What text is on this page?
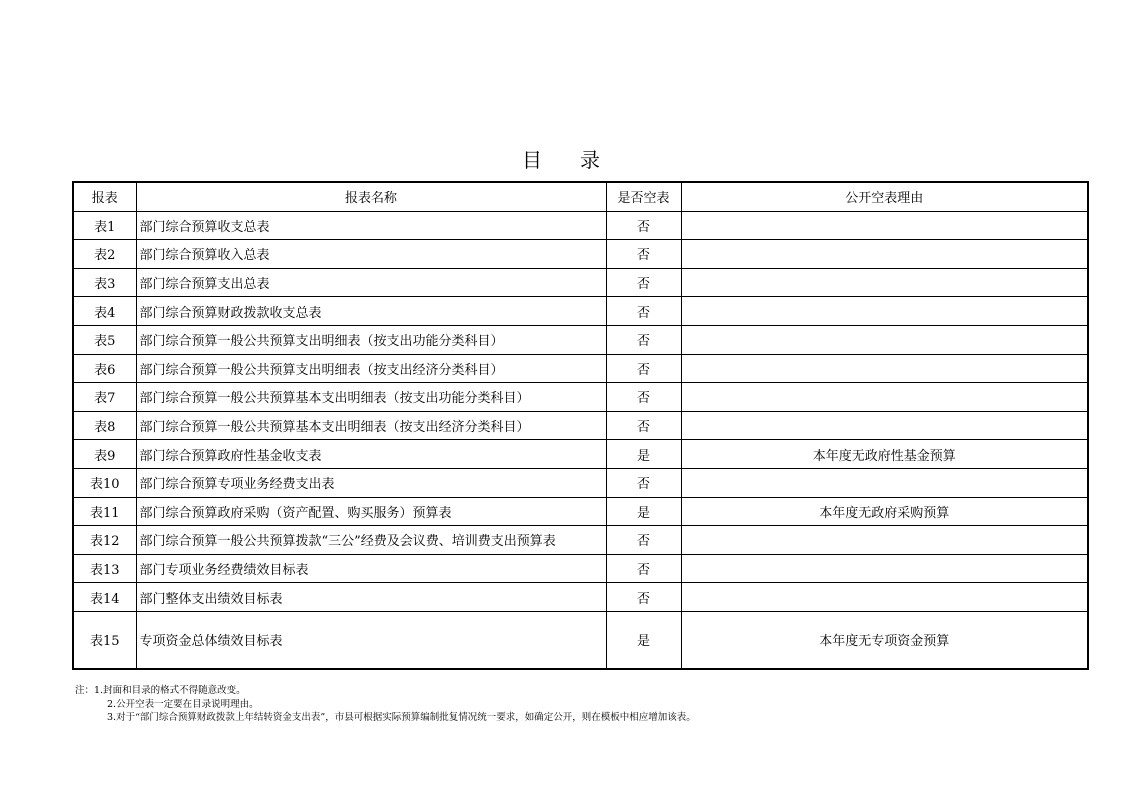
目录
报表	报表名称	是否空表	公开空表理由
表1	部门综合预算收支总表	否	
表2	部门综合预算收入总表	否	
表3	部门综合预算支出总表	否	
表4	部门综合预算财政拨款收支总表	否	
表5	部门综合预算一般公共预算支出明细表（按支出功能分类科目）	否	
表6	部门综合预算一般公共预算支出明细表（按支出经济分类科目）	否	
表7	部门综合预算一般公共预算基本支出明细表（按支出功能分类科目）	否	
表8	部门综合预算一般公共预算基本支出明细表（按支出经济分类科目）	否	
表9	部门综合预算政府性基金收支表	是	本年度无政府性基金预算
表10	部门综合预算专项业务经费支出表	否	
表11	部门综合预算政府采购（资产配置、购买服务）预算表	是	本年度无政府采购预算
表12	部门综合预算一般公共预算拨款“三公”经费及会议费、培训费支出预算表	否	
表13	部门专项业务经费绩效目标表	否	
表14	部门整体支出绩效目标表	否	
表15	专项资金总体绩效目标表	是	本年度无专项资金预算
注：1.封面和目录的格式不得随意改变。
2.公开空表一定要在目录说明理由。
3.对于“部门综合预算财政拨款上年结转资金支出表”，市县可根据实际预算编制批复情况统一要求，如确定公开，则在模板中相应增加该表。
